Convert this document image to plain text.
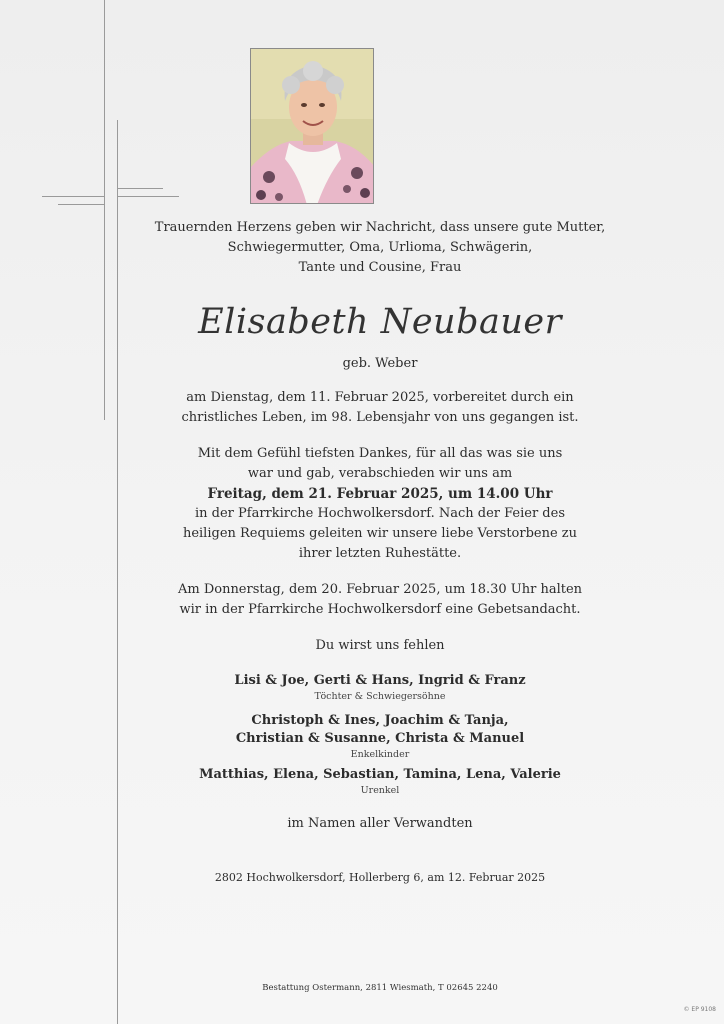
Trauernden Herzens geben wir Nachricht, dass unsere gute Mutter,
Schwiegermutter, Oma, Urlioma, Schwägerin,
Tante und Cousine, Frau

Elisabeth Neubauer

geb. Weber

am Dienstag, dem 11. Februar 2025, vorbereitet durch ein
christliches Leben, im 98. Lebensjahr von uns gegangen ist.

Mit dem Gefühl tiefsten Dankes, für all das was sie uns
war und gab, verabschieden wir uns am

Freitag, dem 21. Februar 2025, um 14.00 Uhr

in der Pfarrkirche Hochwolkersdorf. Nach der Feier des
heiligen Requiems geleiten wir unsere liebe Verstorbene zu
ihrer letzten Ruhestätte.

Am Donnerstag, dem 20. Februar 2025, um 18.30 Uhr halten
wir in der Pfarrkirche Hochwolkersdorf eine Gebetsandacht.

Du wirst uns fehlen

Lisi & Joe, Gerti & Hans, Ingrid & Franz

Töchter & Schwiegersöhne

Christoph & Ines, Joachim & Tanja,

Christian & Susanne, Christa & Manuel

Enkelkinder

Matthias, Elena, Sebastian, Tamina, Lena, Valerie

Urenkel

im Namen aller Verwandten

2802 Hochwolkersdorf, Hollerberg 6, am 12. Februar 2025

Bestattung Ostermann, 2811 Wiesmath, T 02645 2240
© EP 9108
